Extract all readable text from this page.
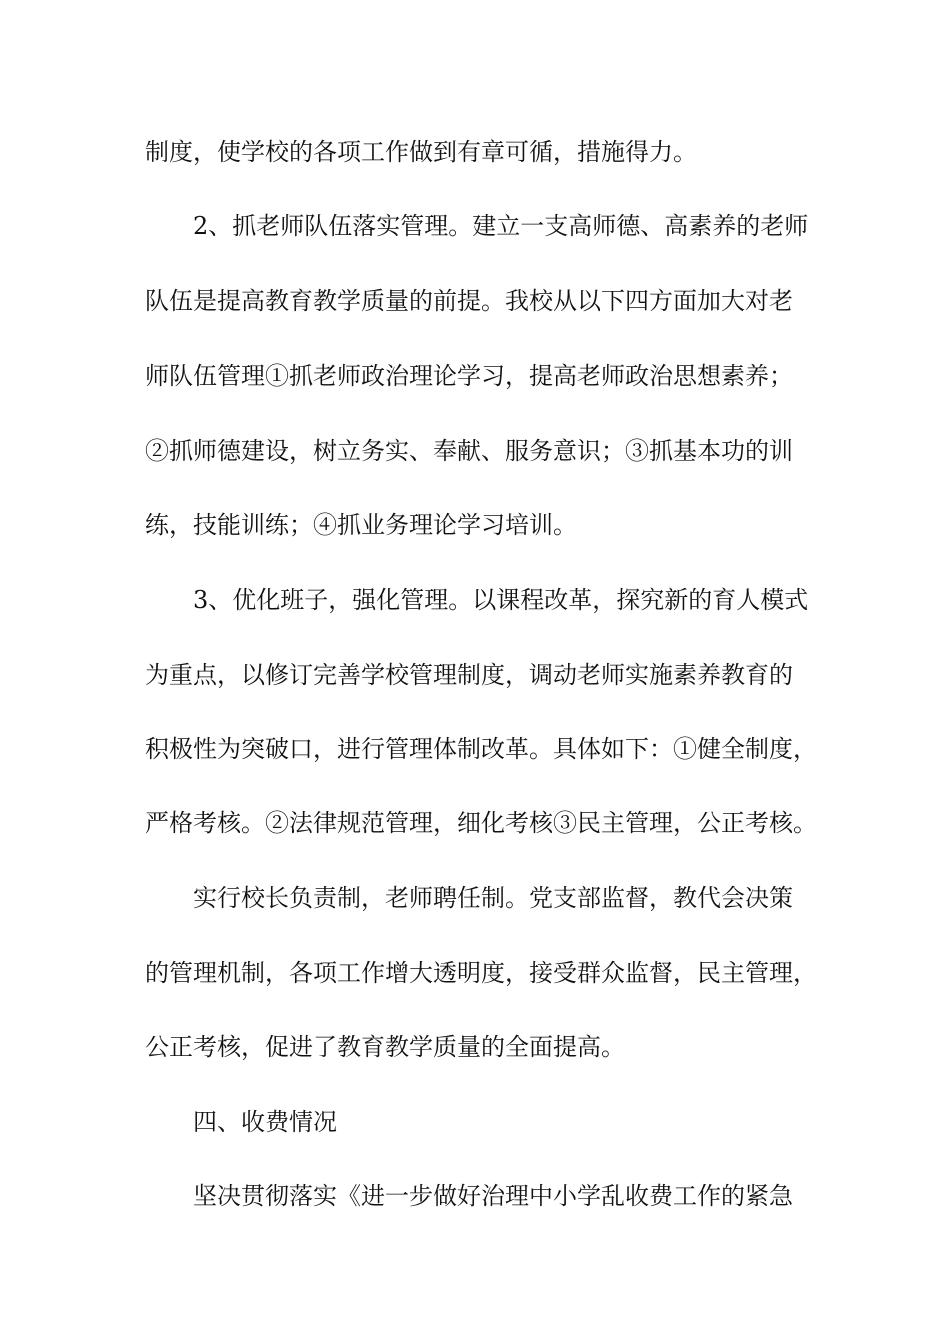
制度，使学校的各项工作做到有章可循，措施得力。
2、抓老师队伍落实管理。建立一支高师德、高素养的老师
队伍是提高教育教学质量的前提。我校从以下四方面加大对老
师队伍管理①抓老师政治理论学习，提高老师政治思想素养；
②抓师德建设，树立务实、奉献、服务意识；③抓基本功的训
练，技能训练；④抓业务理论学习培训。
3、优化班子，强化管理。以课程改革，探究新的育人模式
为重点，以修订完善学校管理制度，调动老师实施素养教育的
积极性为突破口，进行管理体制改革。具体如下：①健全制度，
严格考核。②法律规范管理，细化考核③民主管理，公正考核。
实行校长负责制，老师聘任制。党支部监督，教代会决策
的管理机制，各项工作增大透明度，接受群众监督，民主管理，
公正考核，促进了教育教学质量的全面提高。
四、收费情况
坚决贯彻落实《进一步做好治理中小学乱收费工作的紧急
